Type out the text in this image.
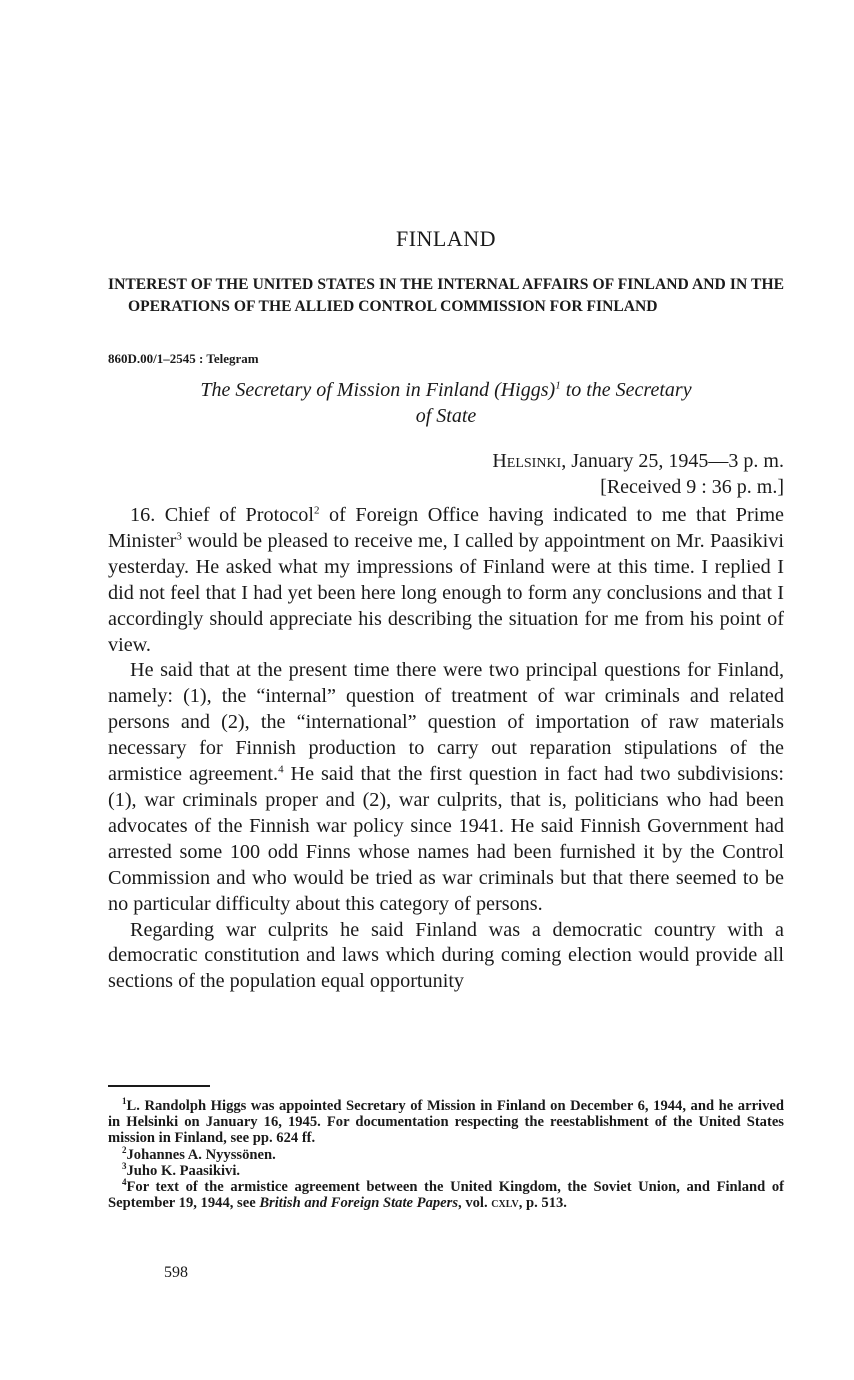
FINLAND
INTEREST OF THE UNITED STATES IN THE INTERNAL AFFAIRS OF FINLAND AND IN THE OPERATIONS OF THE ALLIED CONTROL COMMISSION FOR FINLAND

860D.00/1–2545 : Telegram

The Secretary of Mission in Finland (Higgs)$^1$ to the Secretary
of State

Helsinki, January 25, 1945—3 p. m.

[Received 9 : 36 p. m.]

16. Chief of Protocol$^2$ of Foreign Office having indicated to me that Prime Minister$^3$ would be pleased to receive me, I called by appointment on Mr. Paasikivi yesterday. He asked what my impressions of Finland were at this time. I replied I did not feel that I had yet been here long enough to form any conclusions and that I accordingly should appreciate his describing the situation for me from his point of view.

He said that at the present time there were two principal questions for Finland, namely: (1), the “internal” question of treatment of war criminals and related persons and (2), the “international” question of importation of raw materials necessary for Finnish production to carry out reparation stipulations of the armistice agreement.$^4$ He said that the first question in fact had two subdivisions: (1), war criminals proper and (2), war culprits, that is, politicians who had been advocates of the Finnish war policy since 1941. He said Finnish Government had arrested some 100 odd Finns whose names had been furnished it by the Control Commission and who would be tried as war criminals but that there seemed to be no particular difficulty about this category of persons.

Regarding war culprits he said Finland was a democratic country with a democratic constitution and laws which during coming election would provide all sections of the population equal opportunity

$^1$L. Randolph Higgs was appointed Secretary of Mission in Finland on December 6, 1944, and he arrived in Helsinki on January 16, 1945. For documentation respecting the reestablishment of the United States mission in Finland, see pp. 624 ff.

$^2$Johannes A. Nyyssönen.

$^3$Juho K. Paasikivi.

$^4$For text of the armistice agreement between the United Kingdom, the Soviet Union, and Finland of September 19, 1944, see British and Foreign State Papers, vol. cxlv, p. 513.

598
